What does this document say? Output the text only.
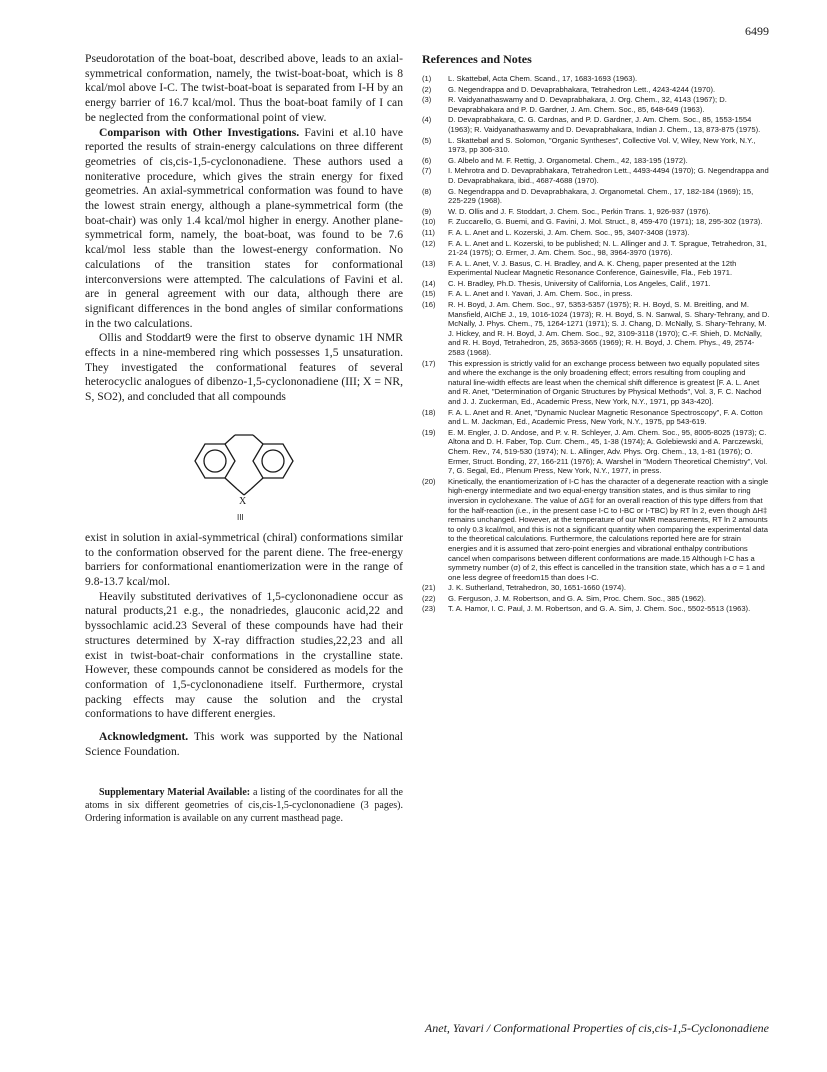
6499

Pseudorotation of the boat-boat, described above, leads to an axial-symmetrical conformation, namely, the twist-boat-boat, which is 8 kcal/mol above I-C. The twist-boat-boat is separated from I-H by an energy barrier of 16.7 kcal/mol. Thus the boat-boat family of I can be neglected from the conformational point of view.

Comparison with Other Investigations. Favini et al.10 have reported the results of strain-energy calculations on three different geometries of cis,cis-1,5-cyclononadiene. These authors used a noniterative procedure, which gives the strain energy for fixed geometries. An axial-symmetrical conformation was found to have the lowest strain energy, although a plane-symmetrical form (the boat-chair) was only 1.4 kcal/mol higher in energy. Another plane-symmetrical form, namely, the boat-boat, was found to be 7.6 kcal/mol less stable than the lowest-energy conformation. No calculations of the transition states for conformational interconversions were attempted. The calculations of Favini et al. are in general agreement with our data, although there are significant differences in the bond angles of similar conformations in the two calculations.

Ollis and Stoddart9 were the first to observe dynamic 1H NMR effects in a nine-membered ring which possesses 1,5 unsaturation. They investigated the conformational features of several heterocyclic analogues of dibenzo-1,5-cyclononadiene (III; X = NR, S, SO2), and concluded that all compounds

X
III

exist in solution in axial-symmetrical (chiral) conformations similar to the conformation observed for the parent diene. The free-energy barriers for conformational enantiomerization were in the range of 9.8-13.7 kcal/mol.

Heavily substituted derivatives of 1,5-cyclononadiene occur as natural products,21 e.g., the nonadriedes, glauconic acid,22 and byssochlamic acid.23 Several of these compounds have had their structures determined by X-ray diffraction studies,22,23 and all exist in twist-boat-chair conformations in the crystalline state. However, these compounds cannot be considered as models for the conformation of 1,5-cyclononadiene itself. Furthermore, crystal packing effects may cause the solution and the crystal conformations to have different energies.

Acknowledgment. This work was supported by the National Science Foundation.

Supplementary Material Available: a listing of the coordinates for all the atoms in six different geometries of cis,cis-1,5-cyclononadiene (3 pages). Ordering information is available on any current masthead page.

References and Notes
(1) L. Skattebøl, Acta Chem. Scand., 17, 1683-1693 (1963).
(2) G. Negendrappa and D. Devaprabhakara, Tetrahedron Lett., 4243-4244 (1970).
(3) R. Vaidyanathaswamy and D. Devaprabhakara, J. Org. Chem., 32, 4143 (1967); D. Devaprabhakara and P. D. Gardner, J. Am. Chem. Soc., 85, 648-649 (1963).
(4) D. Devaprabhakara, C. G. Cardnas, and P. D. Gardner, J. Am. Chem. Soc., 85, 1553-1554 (1963); R. Vaidyanathaswamy and D. Devaprabhakara, Indian J. Chem., 13, 873-875 (1975).
(5) L. Skattebøl and S. Solomon, "Organic Syntheses", Collective Vol. V, Wiley, New York, N.Y., 1973, pp 306-310.
(6) G. Albelo and M. F. Rettig, J. Organometal. Chem., 42, 183-195 (1972).
(7) I. Mehrotra and D. Devaprabhakara, Tetrahedron Lett., 4493-4494 (1970); G. Negendrappa and D. Devaprabhakara, ibid., 4687-4688 (1970).
(8) G. Negendrappa and D. Devaprabhakara, J. Organometal. Chem., 17, 182-184 (1969); 15, 225-229 (1968).
(9) W. D. Ollis and J. F. Stoddart, J. Chem. Soc., Perkin Trans. 1, 926-937 (1976).
(10) F. Zuccarello, G. Buemi, and G. Favini, J. Mol. Struct., 8, 459-470 (1971); 18, 295-302 (1973).
(11) F. A. L. Anet and L. Kozerski, J. Am. Chem. Soc., 95, 3407-3408 (1973).
(12) F. A. L. Anet and L. Kozerski, to be published; N. L. Allinger and J. T. Sprague, Tetrahedron, 31, 21-24 (1975); O. Ermer, J. Am. Chem. Soc., 98, 3964-3970 (1976).
(13) F. A. L. Anet, V. J. Basus, C. H. Bradley, and A. K. Cheng, paper presented at the 12th Experimental Nuclear Magnetic Resonance Conference, Gainesville, Fla., Feb 1971.
(14) C. H. Bradley, Ph.D. Thesis, University of California, Los Angeles, Calif., 1971.
(15) F. A. L. Anet and I. Yavari, J. Am. Chem. Soc., in press.
(16) R. H. Boyd, J. Am. Chem. Soc., 97, 5353-5357 (1975); R. H. Boyd, S. M. Breitling, and M. Mansfield, AIChE J., 19, 1016-1024 (1973); R. H. Boyd, S. N. Sanwal, S. Shary-Tehrany, and D. McNally, J. Phys. Chem., 75, 1264-1271 (1971); S. J. Chang, D. McNally, S. Shary-Tehrany, M. J. Hickey, and R. H. Boyd, J. Am. Chem. Soc., 92, 3109-3118 (1970); C.-F. Shieh, D. McNally, and R. H. Boyd, Tetrahedron, 25, 3653-3665 (1969); R. H. Boyd, J. Chem. Phys., 49, 2574-2583 (1968).
(17) This expression is strictly valid for an exchange process between two equally populated sites and where the exchange is the only broadening effect; errors resulting from coupling and natural line-width effects are least when the chemical shift difference is greatest [F. A. L. Anet and R. Anet, "Determination of Organic Structures by Physical Methods", Vol. 3, F. C. Nachod and J. J. Zuckerman, Ed., Academic Press, New York, N.Y., 1971, pp 343-420].
(18) F. A. L. Anet and R. Anet, "Dynamic Nuclear Magnetic Resonance Spectroscopy", F. A. Cotton and L. M. Jackman, Ed., Academic Press, New York, N.Y., 1975, pp 543-619.
(19) E. M. Engler, J. D. Andose, and P. v. R. Schleyer, J. Am. Chem. Soc., 95, 8005-8025 (1973); C. Altona and D. H. Faber, Top. Curr. Chem., 45, 1-38 (1974); A. Golebiewski and A. Parczewski, Chem. Rev., 74, 519-530 (1974); N. L. Allinger, Adv. Phys. Org. Chem., 13, 1-81 (1976); O. Ermer, Struct. Bonding, 27, 166-211 (1976); A. Warshel in "Modern Theoretical Chemistry", Vol. 7, G. Segal, Ed., Plenum Press, New York, N.Y., 1977, in press.
(20) Kinetically, the enantiomerization of I-C has the character of a degenerate reaction with a single high-energy intermediate and two equal-energy transition states, and is thus similar to ring inversion in cyclohexane. The value of ΔG‡ for an overall reaction of this type differs from that for the half-reaction (i.e., in the present case I-C to I-BC or I-TBC) by RT ln 2, even though ΔH‡ remains unchanged. However, at the temperature of our NMR measurements, RT ln 2 amounts to only 0.3 kcal/mol, and this is not a significant quantity when comparing the experimental data to the theoretical calculations. Furthermore, the calculations reported here are for strain energies and it is assumed that zero-point energies and vibrational enthalpy contributions cancel when comparisons between different conformations are made.15 Although I-C has a symmetry number (σ) of 2, this effect is cancelled in the transition state, which has a σ = 1 and one less degree of freedom15 than does I-C.
(21) J. K. Sutherland, Tetrahedron, 30, 1651-1660 (1974).
(22) G. Ferguson, J. M. Robertson, and G. A. Sim, Proc. Chem. Soc., 385 (1962).
(23) T. A. Hamor, I. C. Paul, J. M. Robertson, and G. A. Sim, J. Chem. Soc., 5502-5513 (1963).
Anet, Yavari / Conformational Properties of cis,cis-1,5-Cyclononadiene
